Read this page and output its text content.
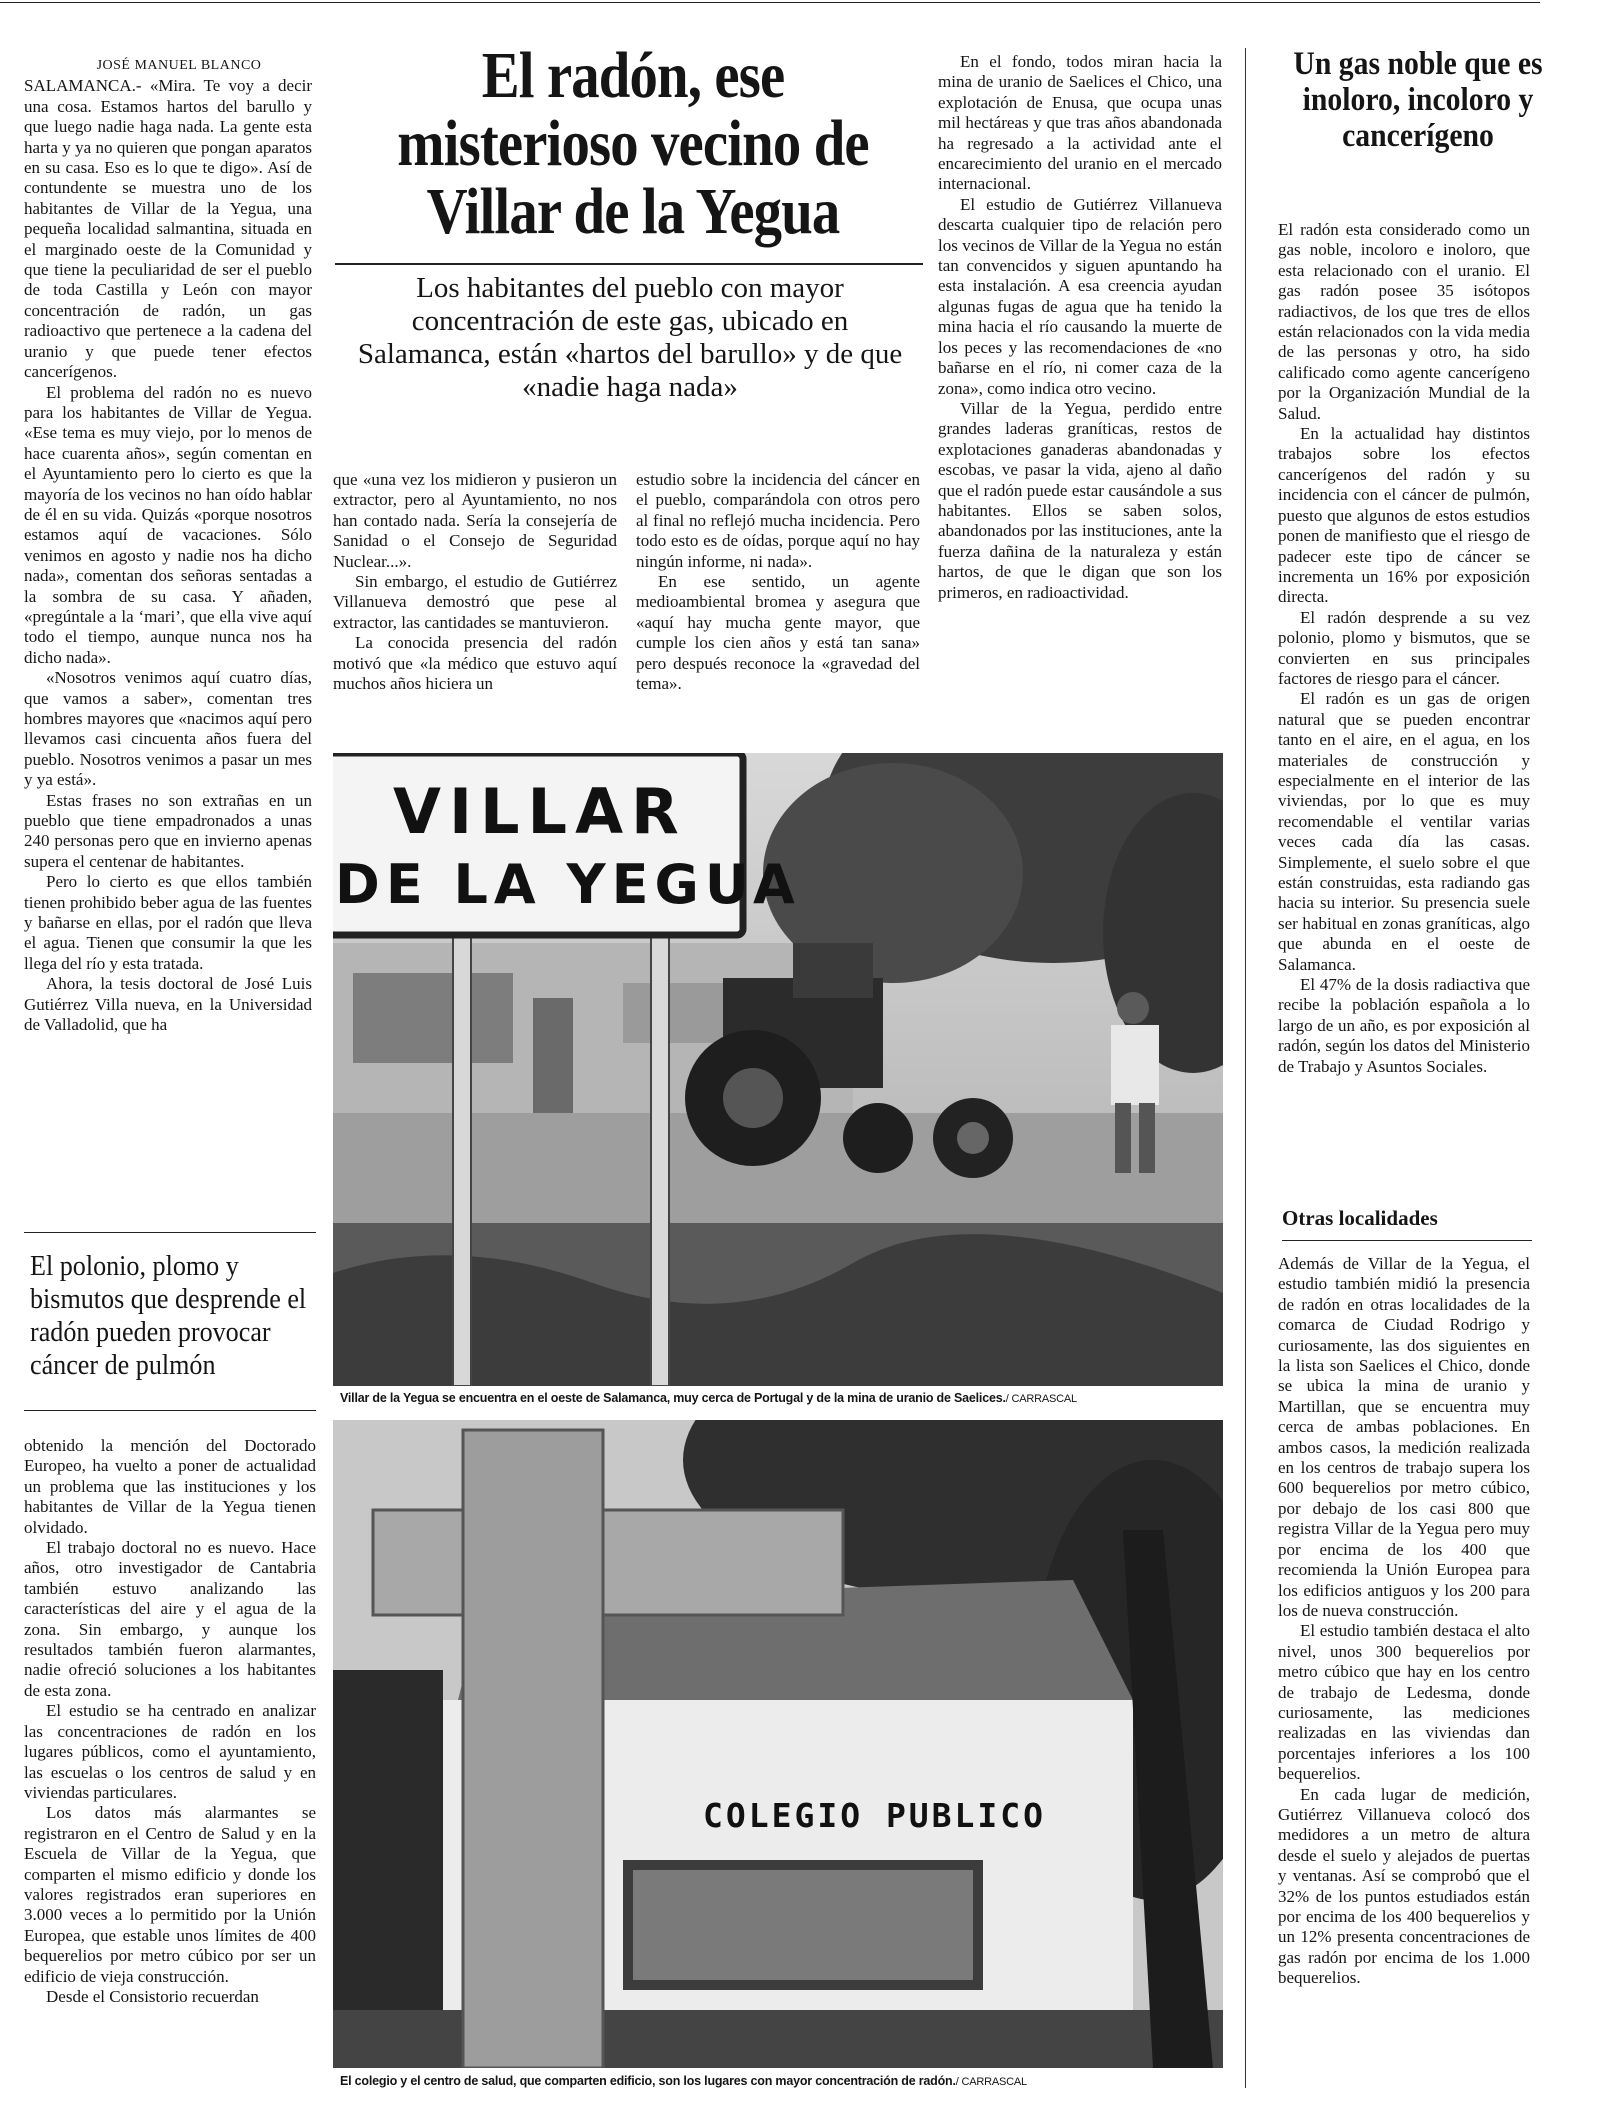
JOSÉ MANUEL BLANCO

SALAMANCA.- «Mira. Te voy a decir una cosa. Estamos hartos del barullo y que luego nadie haga nada. La gente esta harta y ya no quieren que pongan aparatos en su casa. Eso es lo que te digo». Así de contundente se muestra uno de los habitantes de Villar de la Yegua, una pequeña localidad salmantina, situada en el marginado oeste de la Comunidad y que tiene la peculiaridad de ser el pueblo de toda Castilla y León con mayor concentración de radón, un gas radioactivo que pertenece a la cadena del uranio y que puede tener efectos cancerígenos.

El problema del radón no es nuevo para los habitantes de Villar de Yegua. «Ese tema es muy viejo, por lo menos de hace cuarenta años», según comentan en el Ayuntamiento pero lo cierto es que la mayoría de los vecinos no han oído hablar de él en su vida. Quizás «porque nosotros estamos aquí de vacaciones. Sólo venimos en agosto y nadie nos ha dicho nada», comentan dos señoras sentadas a la sombra de su casa. Y añaden, «pregúntale a la ‘mari’, que ella vive aquí todo el tiempo, aunque nunca nos ha dicho nada».

«Nosotros venimos aquí cuatro días, que vamos a saber», comentan tres hombres mayores que «nacimos aquí pero llevamos casi cincuenta años fuera del pueblo. Nosotros venimos a pasar un mes y ya está».

Estas frases no son extrañas en un pueblo que tiene empadronados a unas 240 personas pero que en invierno apenas supera el centenar de habitantes.

Pero lo cierto es que ellos también tienen prohibido beber agua de las fuentes y bañarse en ellas, por el radón que lleva el agua. Tienen que consumir la que les llega del río y esta tratada.

Ahora, la tesis doctoral de José Luis Gutiérrez Villa nueva, en la Universidad de Valladolid, que ha

El polonio, plomo y bismutos que desprende el radón pueden provocar cáncer de pulmón

obtenido la mención del Doctorado Europeo, ha vuelto a poner de actualidad un problema que las instituciones y los habitantes de Villar de la Yegua tienen olvidado.

El trabajo doctoral no es nuevo. Hace años, otro investigador de Cantabria también estuvo analizando las características del aire y el agua de la zona. Sin embargo, y aunque los resultados también fueron alarmantes, nadie ofreció soluciones a los habitantes de esta zona.

El estudio se ha centrado en analizar las concentraciones de radón en los lugares públicos, como el ayuntamiento, las escuelas o los centros de salud y en viviendas particulares.

Los datos más alarmantes se registraron en el Centro de Salud y en la Escuela de Villar de la Yegua, que comparten el mismo edificio y donde los valores registrados eran superiores en 3.000 veces a lo permitido por la Unión Europea, que estable unos límites de 400 bequerelios por metro cúbico por ser un edificio de vieja construcción.

Desde el Consistorio recuerdan

El radón, ese misterioso vecino de Villar de la Yegua
Los habitantes del pueblo con mayor concentración de este gas, ubicado en Salamanca, están «hartos del barullo» y de que «nadie haga nada»

En el fondo, todos miran hacia la mina de uranio de Saelices el Chico, una explotación de Enusa, que ocupa unas mil hectáreas y que tras años abandonada ha regresado a la actividad ante el encarecimiento del uranio en el mercado internacional.

El estudio de Gutiérrez Villanueva descarta cualquier tipo de relación pero los vecinos de Villar de la Yegua no están tan convencidos y siguen apuntando ha esta instalación. A esa creencia ayudan algunas fugas de agua que ha tenido la mina hacia el río causando la muerte de los peces y las recomendaciones de «no bañarse en el río, ni comer caza de la zona», como indica otro vecino.

Villar de la Yegua, perdido entre grandes laderas graníticas, restos de explotaciones ganaderas abandonadas y escobas, ve pasar la vida, ajeno al daño que el radón puede estar causándole a sus habitantes. Ellos se saben solos, abandonados por las instituciones, ante la fuerza dañina de la naturaleza y están hartos, de que le digan que son los primeros, en radioactividad.

que «una vez los midieron y pusieron un extractor, pero al Ayuntamiento, no nos han contado nada. Sería la consejería de Sanidad o el Consejo de Seguridad Nuclear...».

Sin embargo, el estudio de Gutiérrez Villanueva demostró que pese al extractor, las cantidades se mantuvieron.

La conocida presencia del radón motivó que «la médico que estuvo aquí muchos años hiciera un

estudio sobre la incidencia del cáncer en el pueblo, comparándola con otros pero al final no reflejó mucha incidencia. Pero todo esto es de oídas, porque aquí no hay ningún informe, ni nada».

En ese sentido, un agente medioambiental bromea y asegura que «aquí hay mucha gente mayor, que cumple los cien años y está tan sana» pero después reconoce la «gravedad del tema».

VILLAR
DE LA YEGUA
Villar de la Yegua se encuentra en el oeste de Salamanca, muy cerca de Portugal y de la mina de uranio de Saelices./ CARRASCAL
COLEGIO PUBLICO
El colegio y el centro de salud, que comparten edificio, son los lugares con mayor concentración de radón./ CARRASCAL
Un gas noble que es inoloro, incoloro y cancerígeno

El radón esta considerado como un gas noble, incoloro e inoloro, que esta relacionado con el uranio. El gas radón posee 35 isótopos radiactivos, de los que tres de ellos están relacionados con la vida media de las personas y otro, ha sido calificado como agente cancerígeno por la Organización Mundial de la Salud.

En la actualidad hay distintos trabajos sobre los efectos cancerígenos del radón y su incidencia con el cáncer de pulmón, puesto que algunos de estos estudios ponen de manifiesto que el riesgo de padecer este tipo de cáncer se incrementa un 16% por exposición directa.

El radón desprende a su vez polonio, plomo y bismutos, que se convierten en sus principales factores de riesgo para el cáncer.

El radón es un gas de origen natural que se pueden encontrar tanto en el aire, en el agua, en los materiales de construcción y especialmente en el interior de las viviendas, por lo que es muy recomendable el ventilar varias veces cada día las casas. Simplemente, el suelo sobre el que están construidas, esta radiando gas hacia su interior. Su presencia suele ser habitual en zonas graníticas, algo que abunda en el oeste de Salamanca.

El 47% de la dosis radiactiva que recibe la población española a lo largo de un año, es por exposición al radón, según los datos del Ministerio de Trabajo y Asuntos Sociales.

Otras localidades

Además de Villar de la Yegua, el estudio también midió la presencia de radón en otras localidades de la comarca de Ciudad Rodrigo y curiosamente, las dos siguientes en la lista son Saelices el Chico, donde se ubica la mina de uranio y Martillan, que se encuentra muy cerca de ambas poblaciones. En ambos casos, la medición realizada en los centros de trabajo supera los 600 bequerelios por metro cúbico, por debajo de los casi 800 que registra Villar de la Yegua pero muy por encima de los 400 que recomienda la Unión Europea para los edificios antiguos y los 200 para los de nueva construcción.

El estudio también destaca el alto nivel, unos 300 bequerelios por metro cúbico que hay en los centro de trabajo de Ledesma, donde curiosamente, las mediciones realizadas en las viviendas dan porcentajes inferiores a los 100 bequerelios.

En cada lugar de medición, Gutiérrez Villanueva colocó dos medidores a un metro de altura desde el suelo y alejados de puertas y ventanas. Así se comprobó que el 32% de los puntos estudiados están por encima de los 400 bequerelios y un 12% presenta concentraciones de gas radón por encima de los 1.000 bequerelios.
